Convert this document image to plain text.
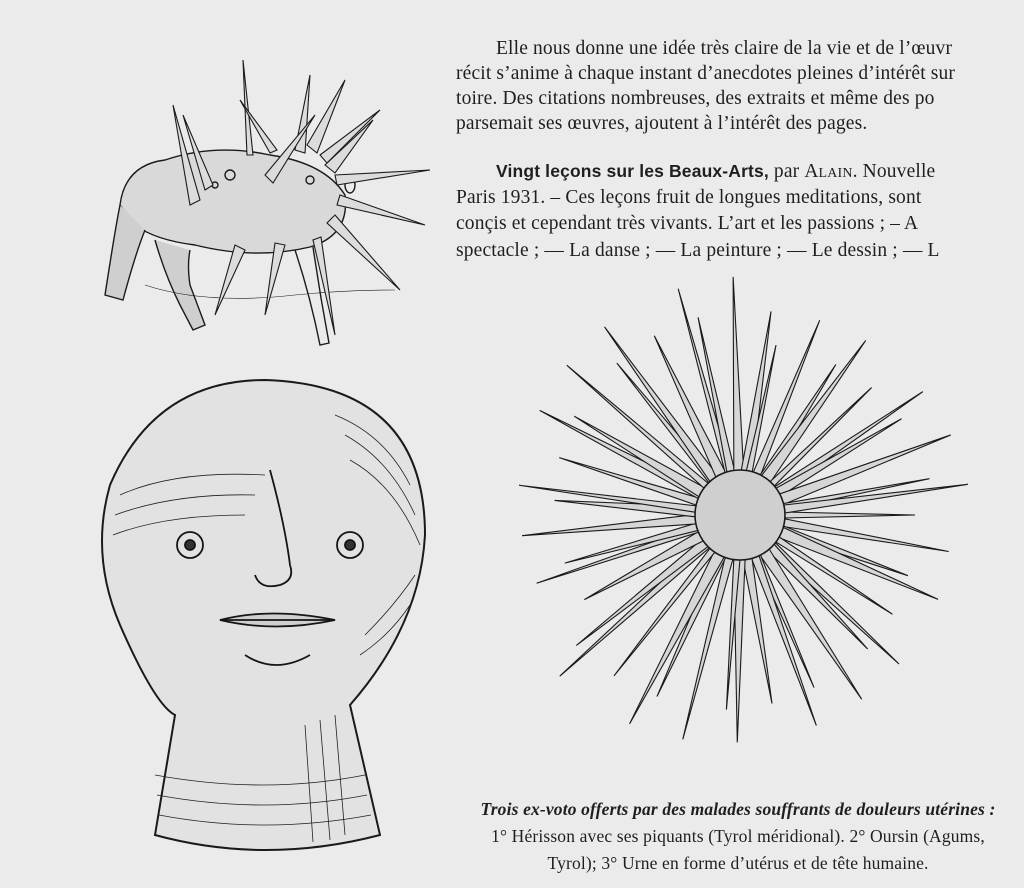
Elle nous donne une idée très claire de la vie et de l’œuvr
récit s’anime à chaque instant d’anecdotes pleines d’intérêt sur
toire. Des citations nombreuses, des extraits et même des po
parsemait ses œuvres, ajoutent à l’intérêt des pages.
Vingt leçons sur les Beaux-Arts, par Alain. Nouvelle
Paris 1931. – Ces leçons fruit de longues meditations, sont
conçis et cependant très vivants. L’art et les passions ; – A
spectacle ; — La danse ; — La peinture ; — Le dessin ; — L
Trois ex-voto offerts par des malades souffrants de douleurs utérines :
1° Hérisson avec ses piquants (Tyrol méridional). 2° Oursin (Agums,
Tyrol); 3° Urne en forme d’utérus et de tête humaine.
